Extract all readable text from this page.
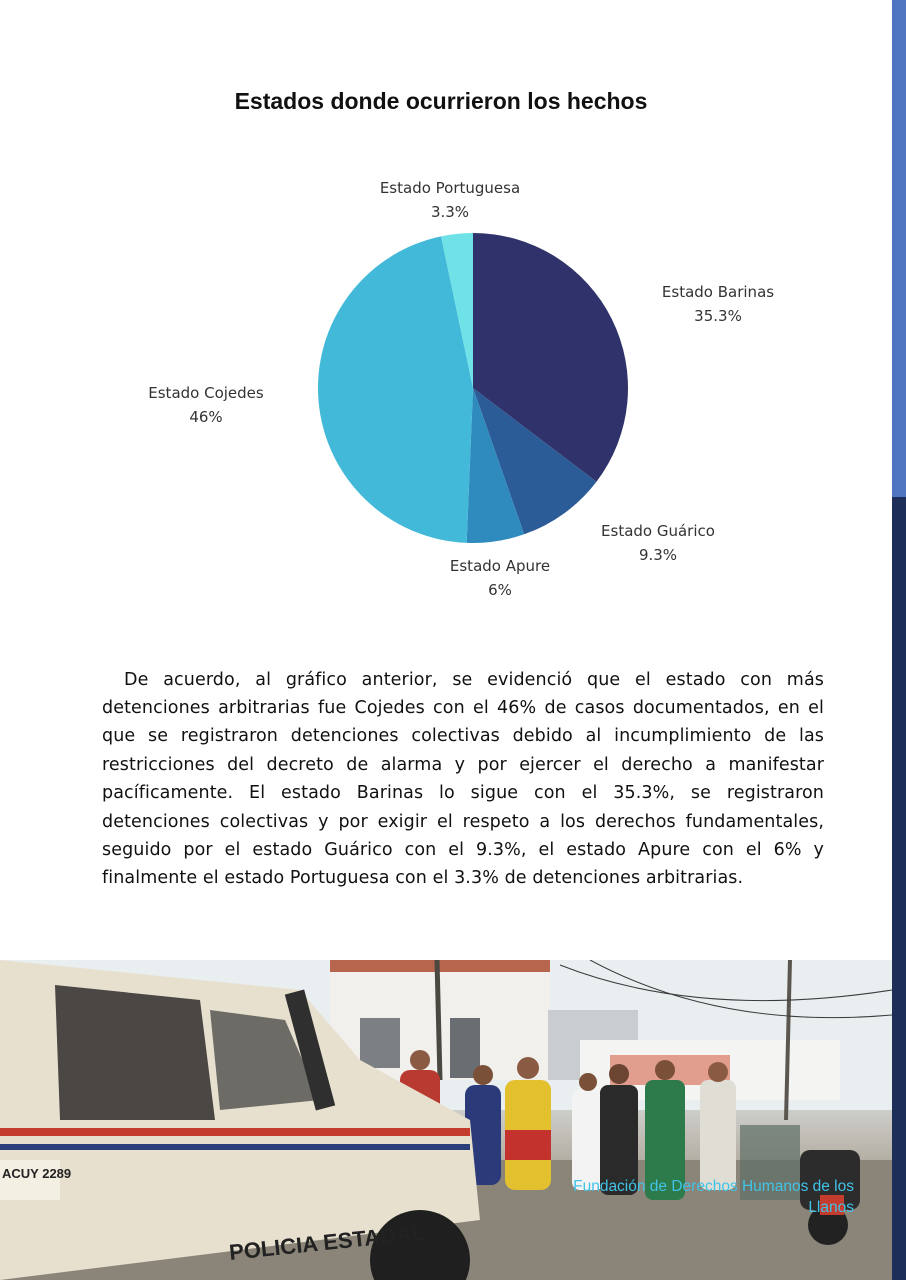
Estados donde ocurrieron los hechos
Estado Portuguesa
3.3%
Estado Barinas
35.3%
Estado Cojedes
46%
Estado Guárico
9.3%
Estado Apure
6%

De acuerdo, al gráfico anterior, se evidenció que el estado con más detenciones arbitrarias fue Cojedes con el 46% de casos documentados, en el que se registraron detenciones colectivas debido al incumplimiento de las restricciones del decreto de alarma y por ejercer el derecho a manifestar pacíficamente. El estado Barinas lo sigue con el 35.3%, se registraron detenciones colectivas y por exigir el respeto a los derechos fundamentales, seguido por el estado Guárico con el 9.3%, el estado Apure con el 6% y finalmente el estado Portuguesa con el 3.3% de detenciones arbitrarias.

POLICIA ESTADAL
ACUY 2289
Fundación de Derechos Humanos de los Llanos
